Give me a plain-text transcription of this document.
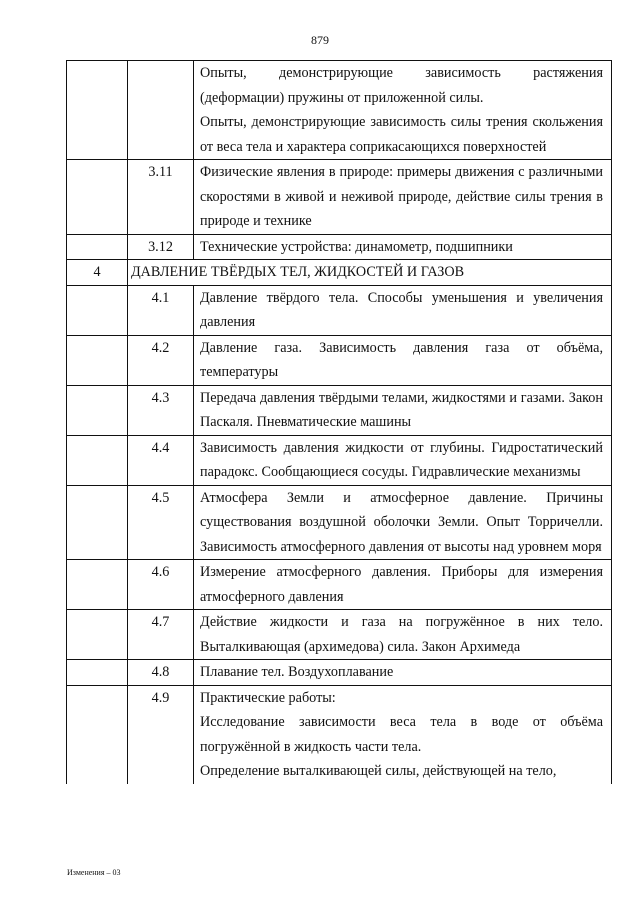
879

		Опыты, демонстрирующие зависимость растяжения (деформации) пружины от приложенной силы.
Опыты, демонстрирующие зависимость силы трения скольжения от веса тела и характера соприкасающихся поверхностей

	3.11	Физические явления в природе: примеры движения с различными скоростями в живой и неживой природе, действие силы трения в природе и технике

	3.12	Технические устройства: динамометр, подшипники

4	ДАВЛЕНИЕ ТВЁРДЫХ ТЕЛ, ЖИДКОСТЕЙ И ГАЗОВ	
	4.1	Давление твёрдого тела. Способы уменьшения и увеличения давления

	4.2	Давление газа. Зависимость давления газа от объёма, температуры

	4.3	Передача давления твёрдыми телами, жидкостями и газами. Закон Паскаля. Пневматические машины

	4.4	Зависимость давления жидкости от глубины. Гидростатический парадокс. Сообщающиеся сосуды. Гидравлические механизмы

	4.5	Атмосфера Земли и атмосферное давление. Причины существования воздушной оболочки Земли. Опыт Торричелли. Зависимость атмосферного давления от высоты над уровнем моря

	4.6	Измерение атмосферного давления. Приборы для измерения атмосферного давления

	4.7	Действие жидкости и газа на погружённое в них тело. Выталкивающая (архимедова) сила. Закон Архимеда

	4.8	Плавание тел. Воздухоплавание

	4.9	Практические работы:
Исследование зависимости веса тела в воде от объёма погружённой в жидкость части тела.
Определение выталкивающей силы, действующей на тело,
Изменения – 03
